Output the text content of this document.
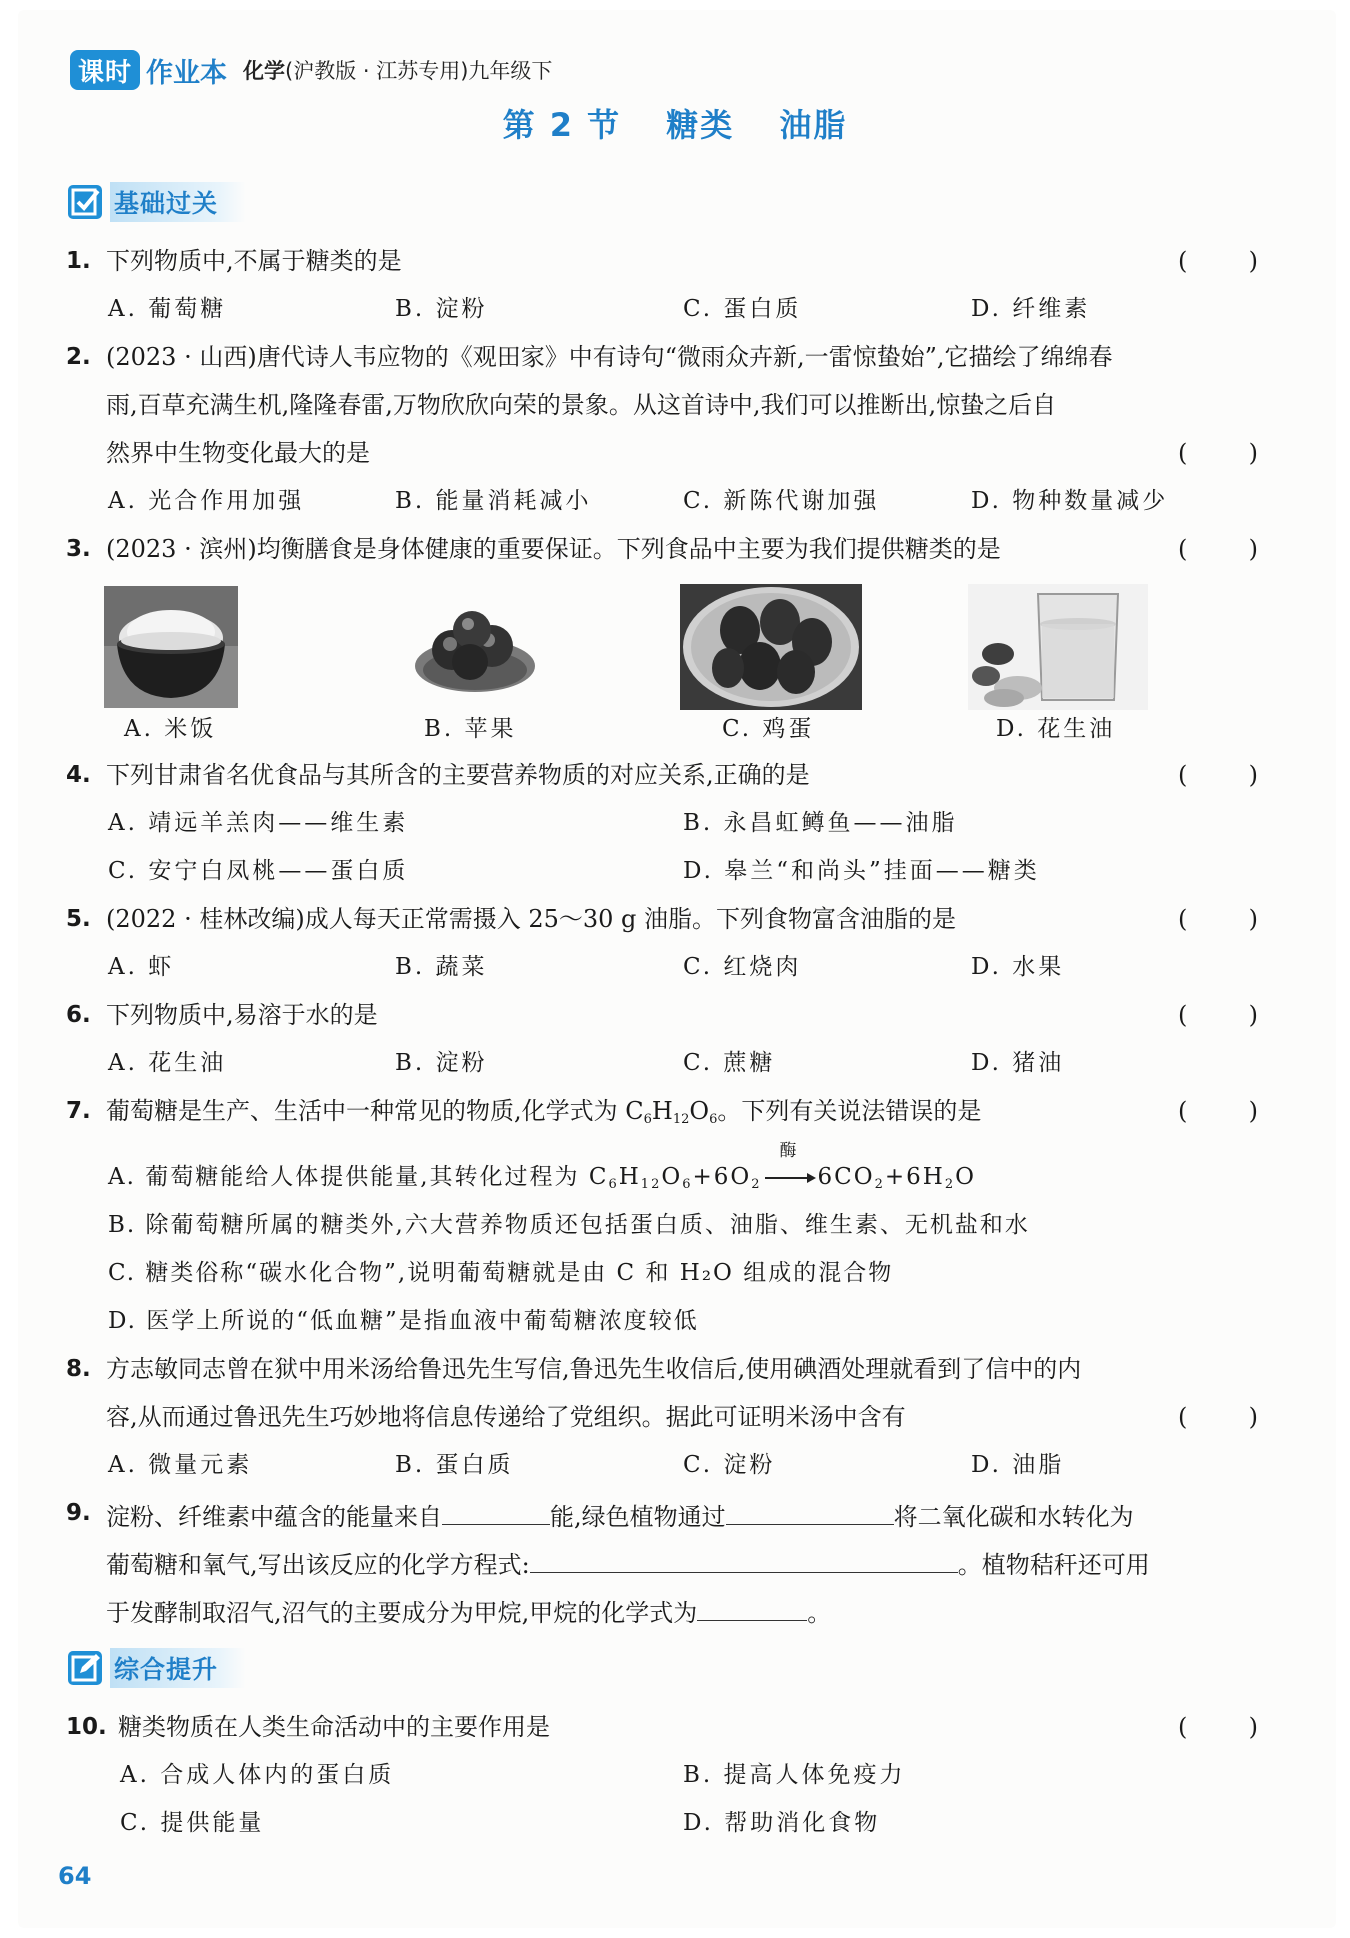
课时 作业本 化学(沪教版 · 江苏专用)九年级下
第 2 节 糖类 油脂
基础过关
1. 下列物质中,不属于糖类的是	(	)
A. 葡萄糖	B. 淀粉	C. 蛋白质	D. 纤维素
2. (2023 · 山西)唐代诗人韦应物的《观田家》中有诗句“微雨众卉新,一雷惊蛰始”,它描绘了绵绵春
雨,百草充满生机,隆隆春雷,万物欣欣向荣的景象。从这首诗中,我们可以推断出,惊蛰之后自
然界中生物变化最大的是	(	)
A. 光合作用加强	B. 能量消耗减小	C. 新陈代谢加强	D. 物种数量减少
3. (2023 · 滨州)均衡膳食是身体健康的重要保证。下列食品中主要为我们提供糖类的是	(	)
A. 米饭	B. 苹果	C. 鸡蛋	D. 花生油
4. 下列甘肃省名优食品与其所含的主要营养物质的对应关系,正确的是	(	)
A. 靖远羊羔肉——维生素	B. 永昌虹鳟鱼——油脂
C. 安宁白凤桃——蛋白质	D. 皋兰“和尚头”挂面——糖类
5. (2022 · 桂林改编)成人每天正常需摄入 25～30 g 油脂。下列食物富含油脂的是	(	)
A. 虾	B. 蔬菜	C. 红烧肉	D. 水果
6. 下列物质中,易溶于水的是	(	)
A. 花生油	B. 淀粉	C. 蔗糖	D. 猪油
7. 葡萄糖是生产、生活中一种常见的物质,化学式为 $C_6H_{12}O_6$。下列有关说法错误的是	(	)
A. 葡萄糖能给人体提供能量,其转化过程为 $C_6H_{12}O_6+6O_2$
酶
$6CO_2+6H_2O$
B. 除葡萄糖所属的糖类外,六大营养物质还包括蛋白质、油脂、维生素、无机盐和水
C. 糖类俗称“碳水化合物”,说明葡萄糖就是由 C 和 H₂O 组成的混合物
D. 医学上所说的“低血糖”是指血液中葡萄糖浓度较低
8. 方志敏同志曾在狱中用米汤给鲁迅先生写信,鲁迅先生收信后,使用碘酒处理就看到了信中的内
容,从而通过鲁迅先生巧妙地将信息传递给了党组织。据此可证明米汤中含有	(	)
A. 微量元素	B. 蛋白质	C. 淀粉	D. 油脂
9. 淀粉、纤维素中蕴含的能量来自	能,绿色植物通过	将二氧化碳和水转化为
葡萄糖和氧气,写出该反应的化学方程式:	。植物秸秆还可用
于发酵制取沼气,沼气的主要成分为甲烷,甲烷的化学式为	。
综合提升
10. 糖类物质在人类生命活动中的主要作用是	(	)
A. 合成人体内的蛋白质	B. 提高人体免疫力
C. 提供能量	D. 帮助消化食物
64
